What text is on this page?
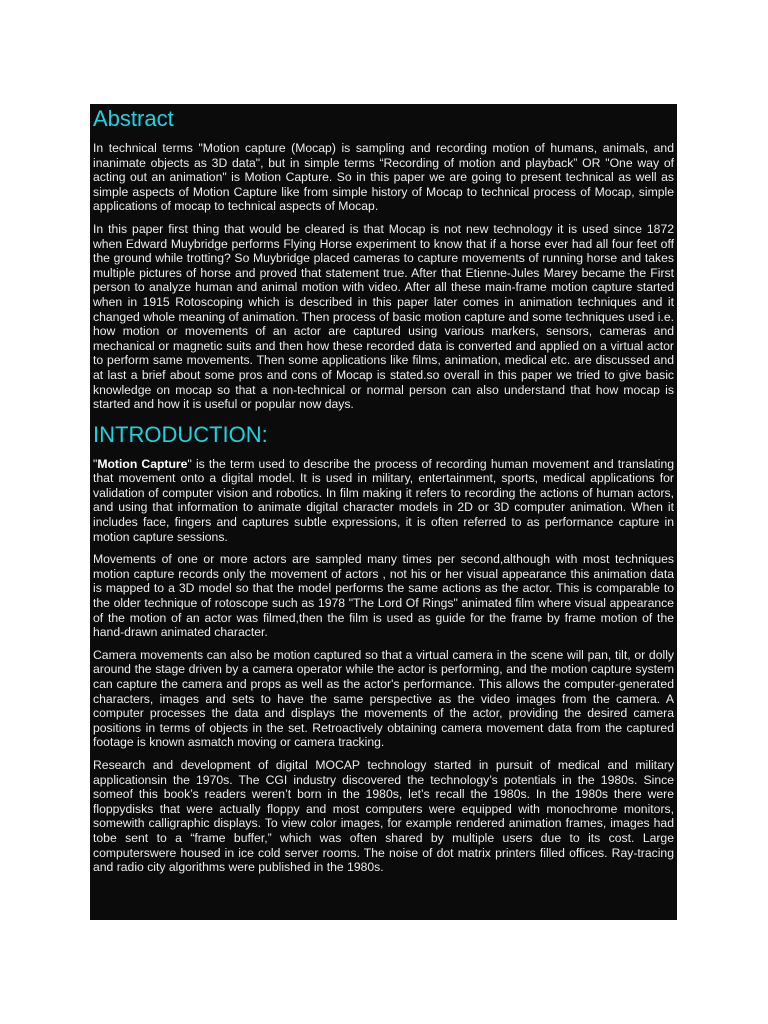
Abstract

In technical terms "Motion capture (Mocap) is sampling and recording motion of humans, animals, and inanimate objects as 3D data", but in simple terms “Recording of motion and playback” OR "One way of acting out an animation" is Motion Capture. So in this paper we are going to present technical as well as simple aspects of Motion Capture like from simple history of Mocap to technical process of Mocap, simple applications of mocap to technical aspects of Mocap.

In this paper first thing that would be cleared is that Mocap is not new technology it is used since 1872 when Edward Muybridge performs Flying Horse experiment to know that if a horse ever had all four feet off the ground while trotting? So Muybridge placed cameras to capture movements of running horse and takes multiple pictures of horse and proved that statement true. After that Etienne-Jules Marey became the First person to analyze human and animal motion with video. After all these main-frame motion capture started when in 1915 Rotoscoping which is described in this paper later comes in animation techniques and it changed whole meaning of animation. Then process of basic motion capture and some techniques used i.e. how motion or movements of an actor are captured using various markers, sensors, cameras and mechanical or magnetic suits and then how these recorded data is converted and applied on a virtual actor to perform same movements. Then some applications like films, animation, medical etc. are discussed and at last a brief about some pros and cons of Mocap is stated.so overall in this paper we tried to give basic knowledge on mocap so that a non-technical or normal person can also understand that how mocap is started and how it is useful or popular now days.

INTRODUCTION:

"Motion Capture" is the term used to describe the process of recording human movement and translating that movement onto a digital model. It is used in military, entertainment, sports, medical applications for validation of computer vision and robotics. In film making it refers to recording the actions of human actors, and using that information to animate digital character models in 2D or 3D computer animation. When it includes face, fingers and captures subtle expressions, it is often referred to as performance capture in motion capture sessions.

Movements of one or more actors are sampled many times per second,although with most techniques motion capture records only the movement of actors , not his or her visual appearance this animation data is mapped to a 3D model so that the model performs the same actions as the actor. This is comparable to the older technique of rotoscope such as 1978 "The Lord Of Rings" animated film where visual appearance of the motion of an actor was filmed,then the film is used as guide for the frame by frame motion of the hand-drawn animated character.

Camera movements can also be motion captured so that a virtual camera in the scene will pan, tilt, or dolly around the stage driven by a camera operator while the actor is performing, and the motion capture system can capture the camera and props as well as the actor's performance. This allows the computer-generated characters, images and sets to have the same perspective as the video images from the camera. A computer processes the data and displays the movements of the actor, providing the desired camera positions in terms of objects in the set. Retroactively obtaining camera movement data from the captured footage is known asmatch moving or camera tracking.

Research and development of digital MOCAP technology started in pursuit of medical and military applicationsin the 1970s. The CGI industry discovered the technology’s potentials in the 1980s. Since someof this book’s readers weren’t born in the 1980s, let’s recall the 1980s. In the 1980s there were floppydisks that were actually floppy and most computers were equipped with monochrome monitors, somewith calligraphic displays. To view color images, for example rendered animation frames, images had tobe sent to a “frame buffer,” which was often shared by multiple users due to its cost. Large computerswere housed in ice cold server rooms. The noise of dot matrix printers filled offices. Ray-tracing and radio city algorithms were published in the 1980s.
